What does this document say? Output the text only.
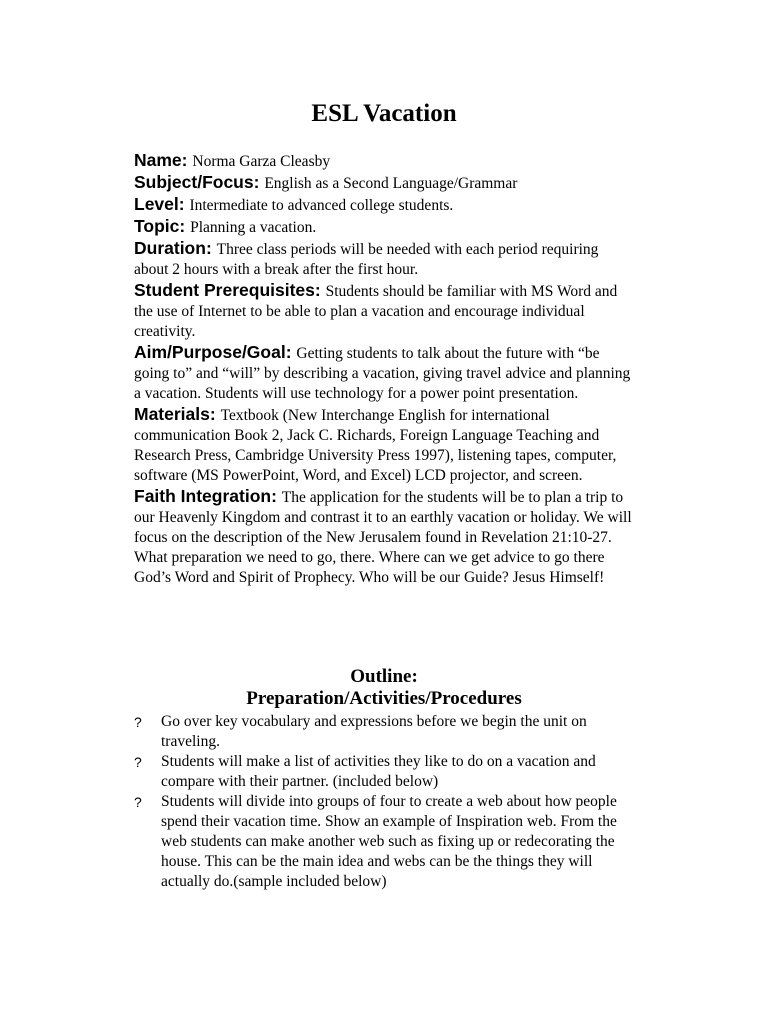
ESL Vacation

Name: Norma Garza Cleasby

Subject/Focus: English as a Second Language/Grammar

Level: Intermediate to advanced college students.

Topic: Planning a vacation.

Duration: Three class periods will be needed with each period requiring about 2 hours with a break after the first hour.

Student Prerequisites: Students should be familiar with MS Word and the use of Internet to be able to plan a vacation and encourage individual creativity.

Aim/Purpose/Goal: Getting students to talk about the future with “be going to” and “will” by describing a vacation, giving travel advice and planning a vacation. Students will use technology for a power point presentation.

Materials: Textbook (New Interchange English for international communication Book 2, Jack C. Richards, Foreign Language Teaching and Research Press, Cambridge University Press 1997), listening tapes, computer, software (MS PowerPoint, Word, and Excel) LCD projector, and screen.

Faith Integration: The application for the students will be to plan a trip to our Heavenly Kingdom and contrast it to an earthly vacation or holiday. We will focus on the description of the New Jerusalem found in Revelation 21:10-27. What preparation we need to go, there. Where can we get advice to go there God’s Word and Spirit of Prophecy. Who will be our Guide? Jesus Himself!

Outline:
Preparation/Activities/Procedures
? Go over key vocabulary and expressions before we begin the unit on traveling.
? Students will make a list of activities they like to do on a vacation and compare with their partner. (included below)
? Students will divide into groups of four to create a web about how people spend their vacation time. Show an example of Inspiration web. From the web students can make another web such as fixing up or redecorating the house. This can be the main idea and webs can be the things they will actually do.(sample included below)
